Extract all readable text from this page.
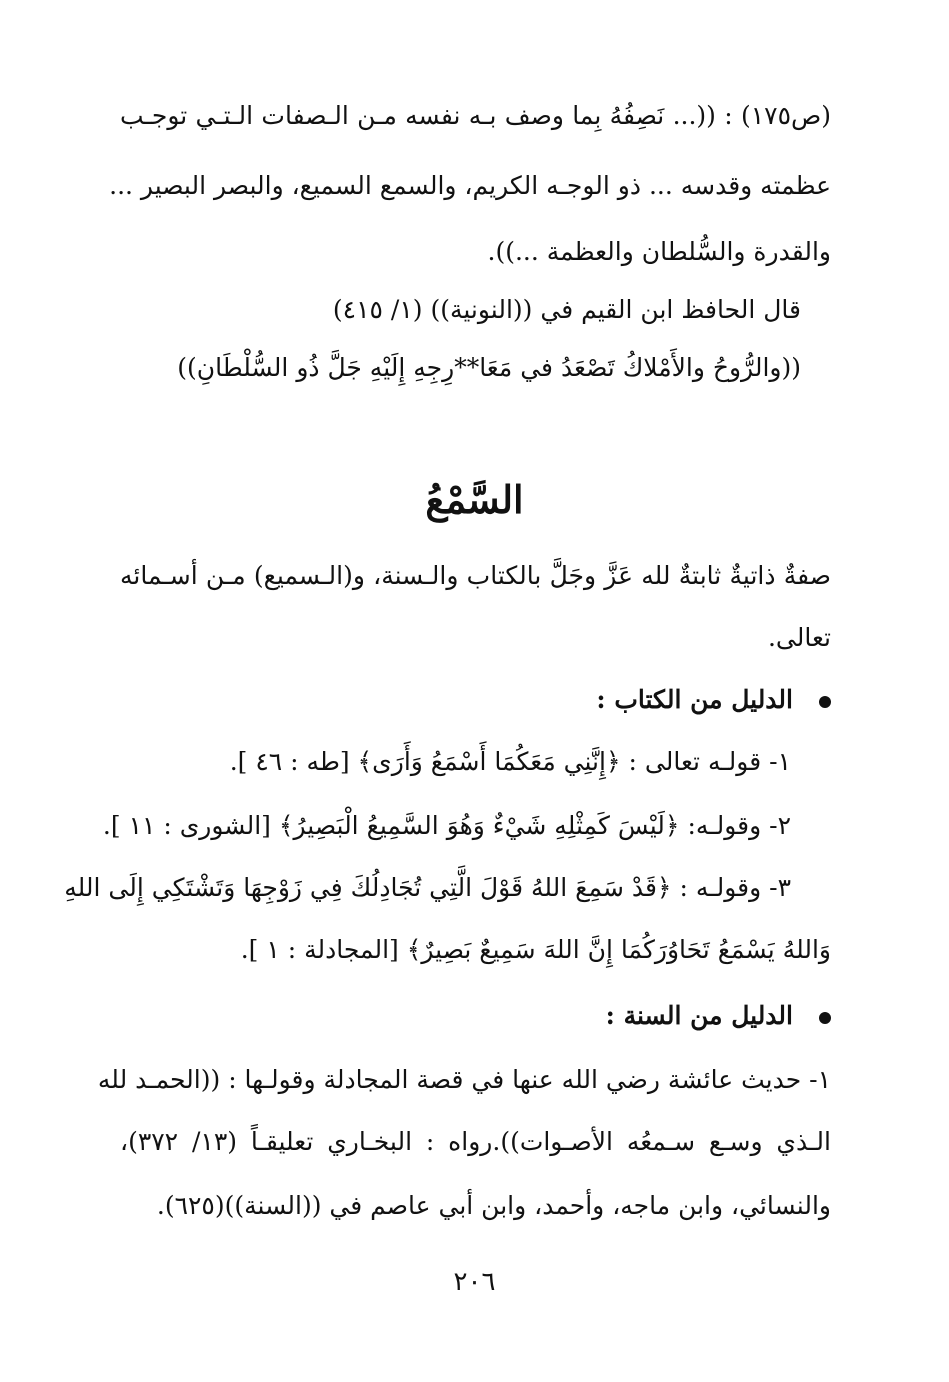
(ص١٧٥) : ((... نَصِفُهُ بِما وصف بـه نفسه مـن الـصفات الـتـي توجـب
عظمته وقدسه ... ذو الوجـه الكريم، والسمع السميع، والبصر البصير ...
والقدرة والسُّلطان والعظمة ...)).
قال الحافظ ابن القيم في ((النونية)) (١/ ٤١٥)
((والرُّوحُ والأَمْلاكُ تَصْعَدُ في مَعَا**رِجِهِ إِلَيْهِ جَلَّ ذُو السُّلْطَانِ))
السَّمْعُ
صفةٌ ذاتيةٌ ثابتةٌ لله عَزَّ وجَلَّ بالكتاب والـسنة، و(الـسميع) مـن أسـمائه
تعالى.
الدليل من الكتاب :
١- قولـه تعالى : ﴿إِنَّنِي مَعَكُمَا أَسْمَعُ وَأَرَى﴾ [طه : ٤٦ ].
٢- وقولـه: ﴿لَيْسَ كَمِثْلِهِ شَيْءٌ وَهُوَ السَّمِيعُ الْبَصِيرُ﴾ [الشورى : ١١ ].
٣- وقولـه : ﴿قَدْ سَمِعَ اللهُ قَوْلَ الَّتِي تُجَادِلُكَ فِي زَوْجِهَا وَتَشْتَكِي إِلَى اللهِ
وَاللهُ يَسْمَعُ تَحَاوُرَكُمَا إِنَّ اللهَ سَمِيعٌ بَصِيرٌ﴾ [المجادلة : ١ ].
الدليل من السنة :
١- حديث عائشة رضي الله عنها في قصة المجادلة وقولـها : ((الحمـد لله
الـذي وسـع سـمعُه الأصـوات)).رواه : البخـاري تعليقـاً (١٣/ ٣٧٢)،
والنسائي، وابن ماجه، وأحمد، وابن أبي عاصم في ((السنة))(٦٢٥).
٢٠٦
